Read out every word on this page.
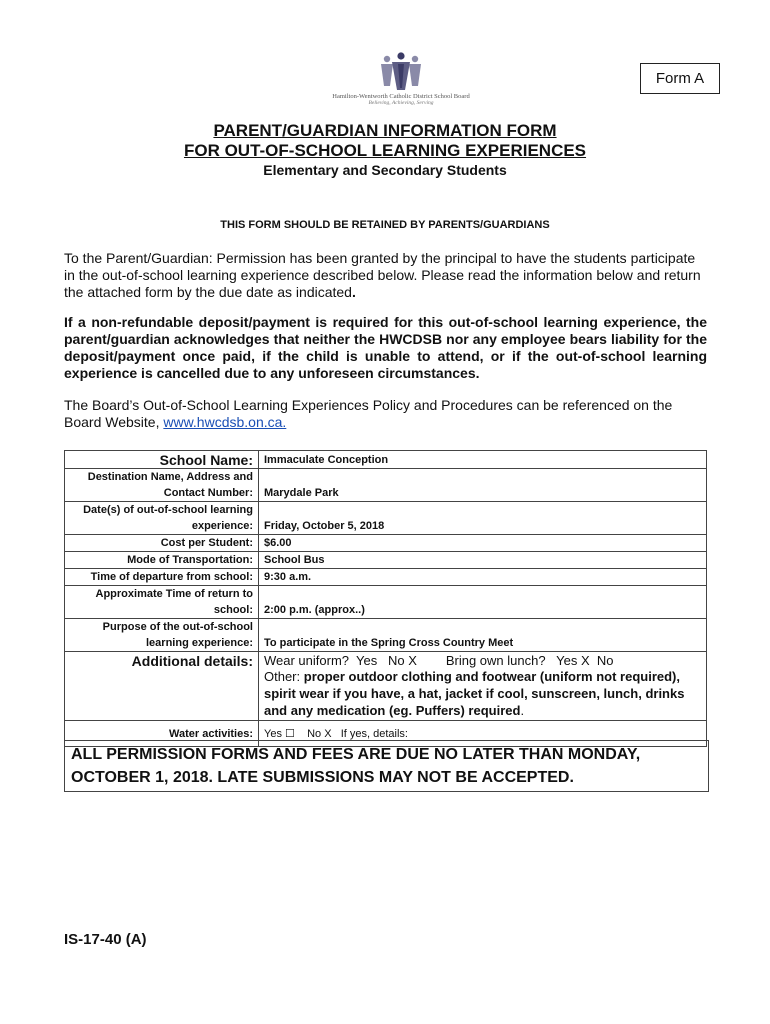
Hamilton-Wentworth Catholic District School Board
Believing, Achieving, Serving
Form A
PARENT/GUARDIAN INFORMATION FORM
FOR OUT-OF-SCHOOL LEARNING EXPERIENCES
Elementary and Secondary Students
THIS FORM SHOULD BE RETAINED BY PARENTS/GUARDIANS
To the Parent/Guardian: Permission has been granted by the principal to have the students participate in the out-of-school learning experience described below. Please read the information below and return the attached form by the due date as indicated.
If a non-refundable deposit/payment is required for this out-of-school learning experience, the parent/guardian acknowledges that neither the HWCDSB nor any employee bears liability for the deposit/payment once paid, if the child is unable to attend, or if the out-of-school learning experience is cancelled due to any unforeseen circumstances.
The Board’s Out-of-School Learning Experiences Policy and Procedures can be referenced on the Board Website, www.hwcdsb.on.ca.
School Name:	Immaculate Conception
Destination Name, Address and
Contact Number:	Marydale Park
Date(s) of out-of-school learning
experience:	Friday, October 5, 2018
Cost per Student:	$6.00
Mode of Transportation:	School Bus
Time of departure from school:	9:30 a.m.
Approximate Time of return to
school:	2:00 p.m. (approx..)
Purpose of the out-of-school
learning experience:	To participate in the Spring Cross Country Meet
Additional details:	Wear uniform?  Yes   No X        Bring own lunch?   Yes X  No
Other: proper outdoor clothing and footwear (uniform not required), spirit wear if you have, a hat, jacket if cool, sunscreen, lunch, drinks and any medication (eg. Puffers) required.

Water activities:	Yes ☐    No X   If yes, details:
ALL PERMISSION FORMS AND FEES ARE DUE NO LATER THAN MONDAY, OCTOBER 1, 2018. LATE SUBMISSIONS MAY NOT BE ACCEPTED.
IS-17-40 (A)
